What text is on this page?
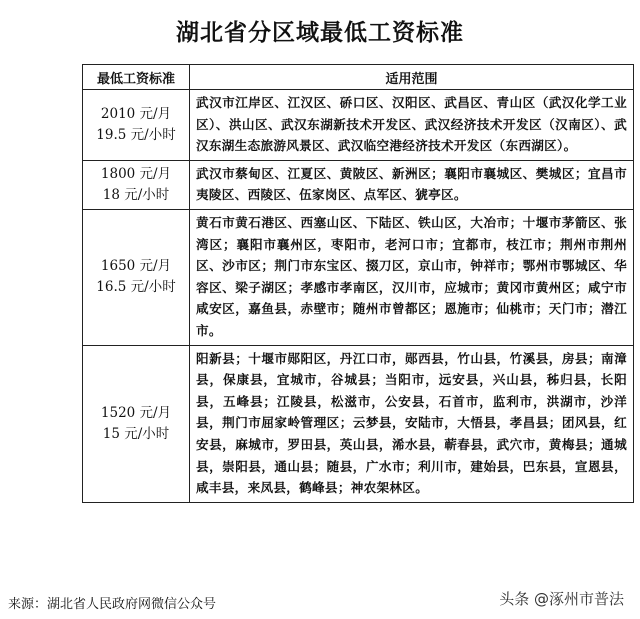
湖北省分区域最低工资标准
最低工资标准	适用范围

2010 元/月
19.5 元/小时	武汉市江岸区、江汉区、硚口区、汉阳区、武昌区、青山区（武汉化学工业区）、洪山区、武汉东湖新技术开发区、武汉经济技术开发区（汉南区）、武汉东湖生态旅游风景区、武汉临空港经济技术开发区（东西湖区）。

1800 元/月
18 元/小时	武汉市蔡甸区、江夏区、黄陂区、新洲区；襄阳市襄城区、樊城区；宜昌市夷陵区、西陵区、伍家岗区、点军区、猇亭区。

1650 元/月
16.5 元/小时	黄石市黄石港区、西塞山区、下陆区、铁山区，大冶市；十堰市茅箭区、张湾区；襄阳市襄州区，枣阳市，老河口市；宜都市，枝江市；荆州市荆州区、沙市区；荆门市东宝区、掇刀区，京山市，钟祥市；鄂州市鄂城区、华容区、梁子湖区；孝感市孝南区，汉川市，应城市；黄冈市黄州区；咸宁市咸安区，嘉鱼县，赤壁市；随州市曾都区；恩施市；仙桃市；天门市；潜江市。

1520 元/月
15 元/小时	阳新县；十堰市郧阳区，丹江口市，郧西县，竹山县，竹溪县，房县；南漳县，保康县，宜城市，谷城县；当阳市，远安县，兴山县，秭归县，长阳县，五峰县；江陵县，松滋市，公安县，石首市，监利市，洪湖市，沙洋县，荆门市屈家岭管理区；云梦县，安陆市，大悟县，孝昌县；团风县，红安县，麻城市，罗田县，英山县，浠水县，蕲春县，武穴市，黄梅县；通城县，崇阳县，通山县；随县，广水市；利川市，建始县，巴东县，宣恩县，咸丰县，来凤县，鹤峰县；神农架林区。
来源：湖北省人民政府网微信公众号	头条 @涿州市普法
